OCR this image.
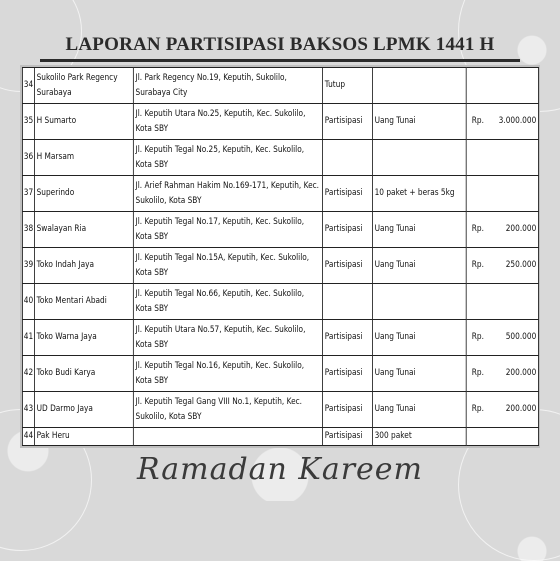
LAPORAN PARTISIPASI BAKSOS LPMK 1441 H
34	Sukolilo Park Regency Surabaya	Jl. Park Regency No.19, Keputih, Sukolilo, Surabaya City	Tutup		

35	H Sumarto	Jl. Keputih Utara No.25, Keputih, Kec. Sukolilo, Kota SBY	Partisipasi	Uang Tunai	Rp. 3.000.000
36	H Marsam	Jl. Keputih Tegal No.25, Keputih, Kec. Sukolilo, Kota SBY			

37	Superindo	Jl. Arief Rahman Hakim No.169-171, Keputih, Kec. Sukolilo, Kota SBY	Partisipasi	10 paket + beras 5kg	

38	Swalayan Ria	Jl. Keputih Tegal No.17, Keputih, Kec. Sukolilo, Kota SBY	Partisipasi	Uang Tunai	Rp. 200.000
39	Toko Indah Jaya	Jl. Keputih Tegal No.15A, Keputih, Kec. Sukolilo, Kota SBY	Partisipasi	Uang Tunai	Rp. 250.000
40	Toko Mentari Abadi	Jl. Keputih Tegal No.66, Keputih, Kec. Sukolilo, Kota SBY			

41	Toko Warna Jaya	Jl. Keputih Utara No.57, Keputih, Kec. Sukolilo, Kota SBY	Partisipasi	Uang Tunai	Rp. 500.000
42	Toko Budi Karya	Jl. Keputih Tegal No.16, Keputih, Kec. Sukolilo, Kota SBY	Partisipasi	Uang Tunai	Rp. 200.000
43	UD Darmo Jaya	Jl. Keputih Tegal Gang VIII No.1, Keputih, Kec. Sukolilo, Kota SBY	Partisipasi	Uang Tunai	Rp. 200.000
44	Pak Heru		Partisipasi	300 paket	
Ramadan Kareem
